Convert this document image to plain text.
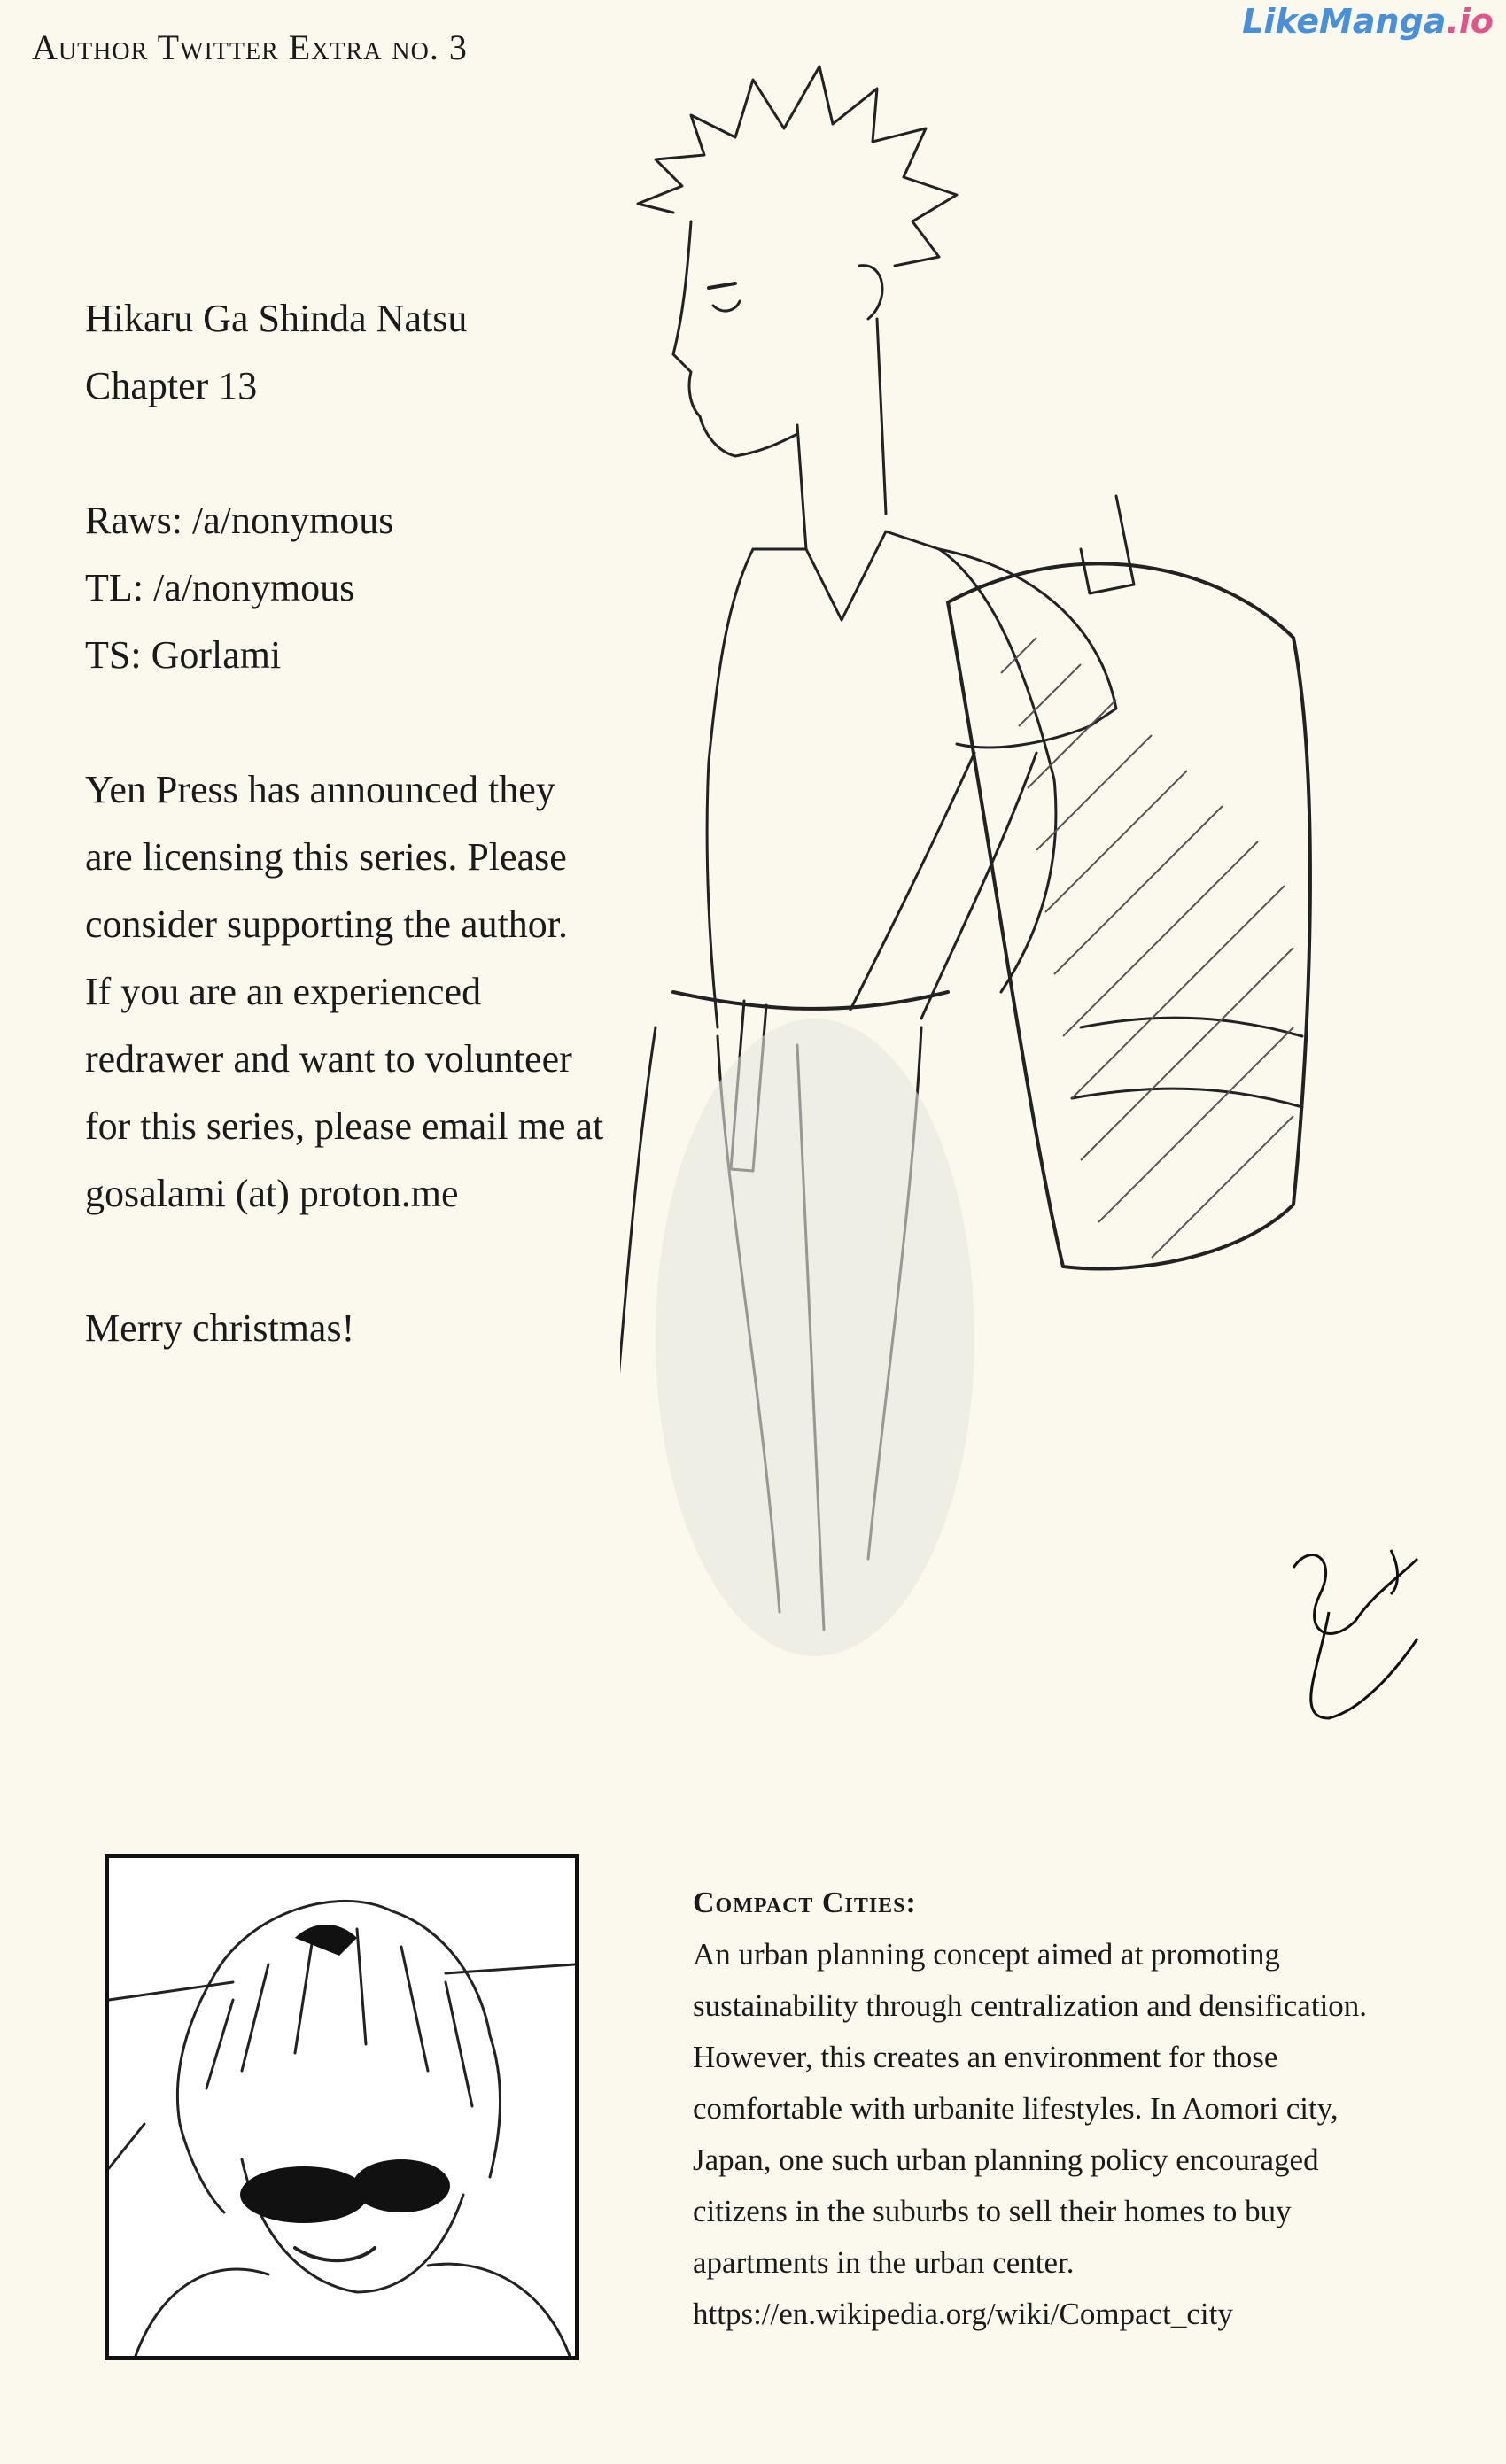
Author Twitter Extra no. 3
LikeManga.io

Hikaru Ga Shinda Natsu

Chapter 13

Raws: /a/nonymous

TL: /a/nonymous

TS: Gorlami

Yen Press has announced they

are licensing this series. Please

consider supporting the author.

If you are an experienced

redrawer and want to volunteer

for this series, please email me at

gosalami (at) proton.me

Merry christmas!

Compact Cities:

An urban planning concept aimed at promoting

sustainability through centralization and densification.

However, this creates an environment for those

comfortable with urbanite lifestyles. In Aomori city,

Japan, one such urban planning policy encouraged

citizens in the suburbs to sell their homes to buy

apartments in the urban center.

https://en.wikipedia.org/wiki/Compact_city
